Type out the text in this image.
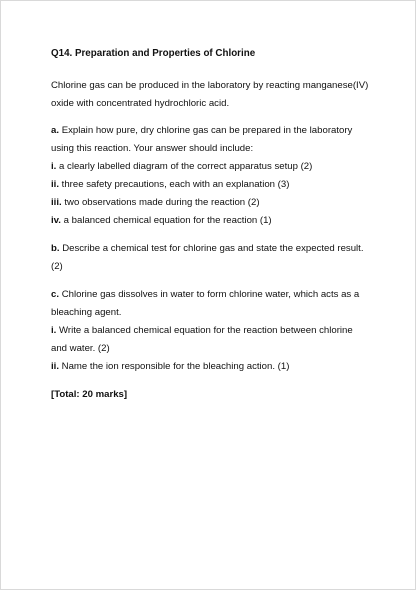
Q14. Preparation and Properties of Chlorine

Chlorine gas can be produced in the laboratory by reacting manganese(IV) oxide with concentrated hydrochloric acid.

a. Explain how pure, dry chlorine gas can be prepared in the laboratory using this reaction. Your answer should include:

i. a clearly labelled diagram of the correct apparatus setup (2)

ii. three safety precautions, each with an explanation (3)

iii. two observations made during the reaction (2)

iv. a balanced chemical equation for the reaction (1)

b. Describe a chemical test for chlorine gas and state the expected result. (2)

c. Chlorine gas dissolves in water to form chlorine water, which acts as a bleaching agent.

i. Write a balanced chemical equation for the reaction between chlorine and water. (2)

ii. Name the ion responsible for the bleaching action. (1)

[Total: 20 marks]
